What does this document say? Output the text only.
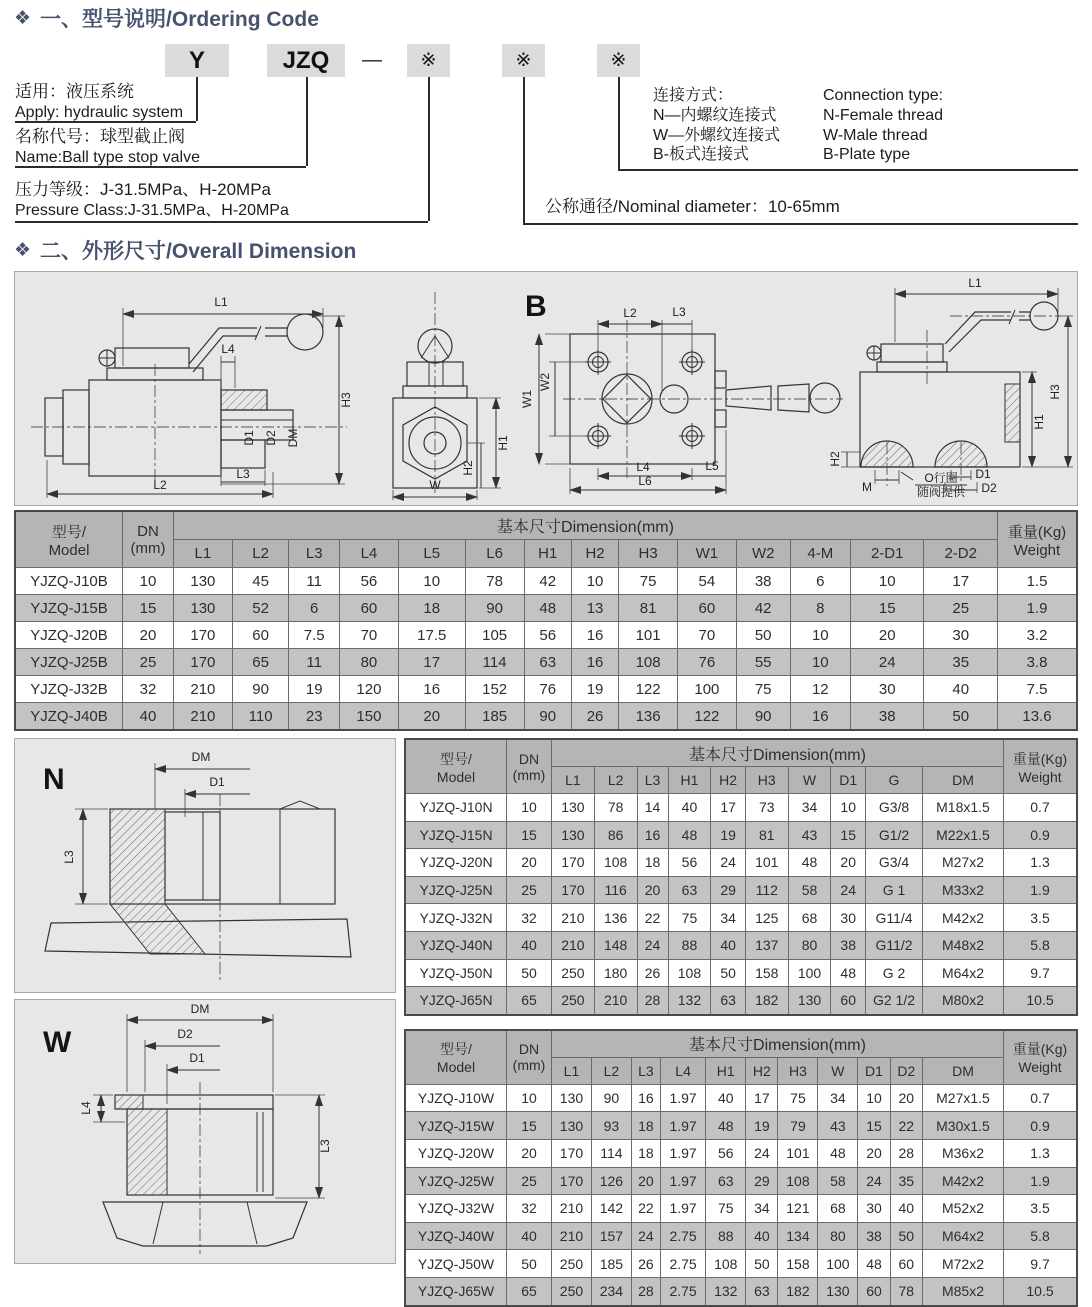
❖ 一、型号说明/Ordering Code
Y	JZQ	—	※	※	※
适用：液压系统
Apply: hydraulic system
名称代号：球型截止阀
Name:Ball type stop valve
压力等级：J-31.5MPa、H-20MPa
Pressure Class:J-31.5MPa、H-20MPa
连接方式：	Connection type:
N—内螺纹连接式	N-Female thread
W—外螺纹连接式	W-Male thread
B-板式连接式	B-Plate type
公称通径/Nominal diameter：10-65mm
❖ 二、外形尺寸/Overall Dimension
L1
H3
L4
D1 D2 DM
L3
L2
H1
H2
W
B	L2	L3
W1
W2
L4	L5
L6
L1
H3
H1
H2
M
O行圈
随阀提供
D1
D2
型号/
Model	DN
(mm)	基本尺寸Dimension(mm)														重量(Kg)
Weight
		L1	L2	L3	L4	L5	L6	H1	H2	H3	W1	W2	4-M	2-D1	2-D2	
YJZQ-J10B	10	130	45	11	56	10	78	42	10	75	54	38	6	10	17	1.5
YJZQ-J15B	15	130	52	6	60	18	90	48	13	81	60	42	8	15	25	1.9
YJZQ-J20B	20	170	60	7.5	70	17.5	105	56	16	101	70	50	10	20	30	3.2
YJZQ-J25B	25	170	65	11	80	17	114	63	16	108	76	55	10	24	35	3.8
YJZQ-J32B	32	210	90	19	120	16	152	76	19	122	100	75	12	30	40	7.5
YJZQ-J40B	40	210	110	23	150	20	185	90	26	136	122	90	16	38	50	13.6
N
DM
D1
L3
W
DM
D2
D1
L4
L3
型号/
Model	DN
(mm)	基本尺寸Dimension(mm)										重量(Kg)
Weight
		L1	L2	L3	H1	H2	H3	W	D1	G	DM	
YJZQ-J10N	10	130	78	14	40	17	73	34	10	G3/8	M18x1.5	0.7
YJZQ-J15N	15	130	86	16	48	19	81	43	15	G1/2	M22x1.5	0.9
YJZQ-J20N	20	170	108	18	56	24	101	48	20	G3/4	M27x2	1.3
YJZQ-J25N	25	170	116	20	63	29	112	58	24	G 1	M33x2	1.9
YJZQ-J32N	32	210	136	22	75	34	125	68	30	G11/4	M42x2	3.5
YJZQ-J40N	40	210	148	24	88	40	137	80	38	G11/2	M48x2	5.8
YJZQ-J50N	50	250	180	26	108	50	158	100	48	G 2	M64x2	9.7
YJZQ-J65N	65	250	210	28	132	63	182	130	60	G2 1/2	M80x2	10.5
型号/
Model	DN
(mm)	基本尺寸Dimension(mm)											重量(Kg)
Weight
		L1	L2	L3	L4	H1	H2	H3	W	D1	D2	DM	
YJZQ-J10W	10	130	90	16	1.97	40	17	75	34	10	20	M27x1.5	0.7
YJZQ-J15W	15	130	93	18	1.97	48	19	79	43	15	22	M30x1.5	0.9
YJZQ-J20W	20	170	114	18	1.97	56	24	101	48	20	28	M36x2	1.3
YJZQ-J25W	25	170	126	20	1.97	63	29	108	58	24	35	M42x2	1.9
YJZQ-J32W	32	210	142	22	1.97	75	34	121	68	30	40	M52x2	3.5
YJZQ-J40W	40	210	157	24	2.75	88	40	134	80	38	50	M64x2	5.8
YJZQ-J50W	50	250	185	26	2.75	108	50	158	100	48	60	M72x2	9.7
YJZQ-J65W	65	250	234	28	2.75	132	63	182	130	60	78	M85x2	10.5
